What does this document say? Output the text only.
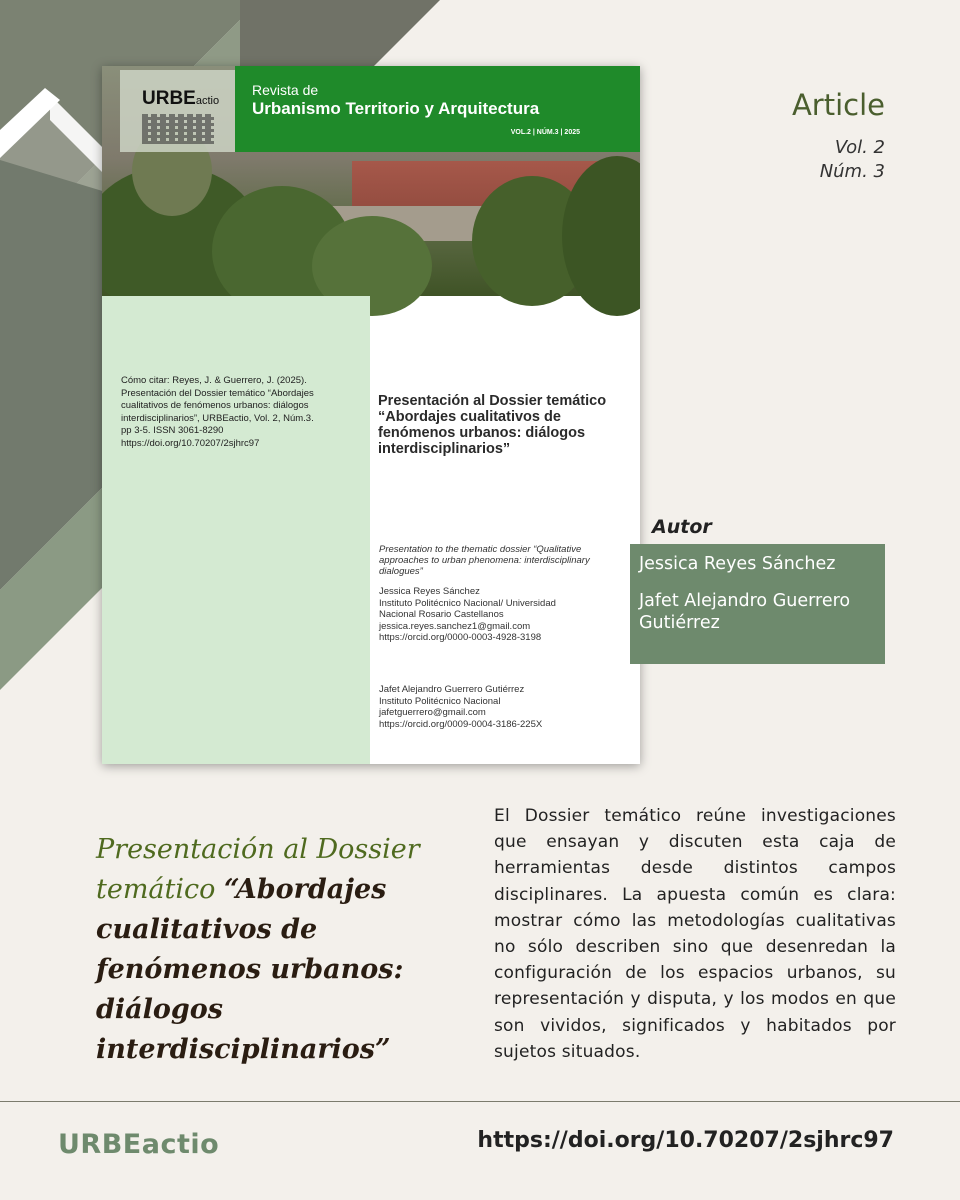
URBEactio
Revista de
Urbanismo Territorio y Arquitectura
VOL.2 | NÚM.3 | 2025
Cómo citar: Reyes, J. & Guerrero, J. (2025).
Presentación del Dossier temático “Abordajes
cualitativos de fenómenos urbanos: diálogos
interdisciplinarios”, URBEactio, Vol. 2, Núm.3.
pp 3-5. ISSN 3061-8290
https://doi.org/10.70207/2sjhrc97
Presentación al Dossier temático “Abordajes cualitativos de fenómenos urbanos: diálogos interdisciplinarios”
Presentation to the thematic dossier “Qualitative approaches to urban phenomena: interdisciplinary dialogues”
Jessica Reyes Sánchez
Instituto Politécnico Nacional/ Universidad
Nacional Rosario Castellanos
jessica.reyes.sanchez1@gmail.com
https://orcid.org/0000-0003-4928-3198
Jafet Alejandro Guerrero Gutiérrez
Instituto Politécnico Nacional
jafetguerrero@gmail.com
https://orcid.org/0009-0004-3186-225X
Article
Vol. 2
Núm. 3
Autor
Jessica Reyes Sánchez
Jafet Alejandro Guerrero Gutiérrez
Presentación al Dossier temático “Abordajes cualitativos de fenómenos urbanos: diálogos interdisciplinarios”
El Dossier temático reúne investigaciones que ensayan y discuten esta caja de herramientas desde distintos campos disciplinares. La apuesta común es clara: mostrar cómo las metodologías cualitativas no sólo describen sino que desenredan la configuración de los espacios urbanos, su representación y disputa, y los modos en que son vividos, significados y habitados por sujetos situados.
URBEactio	https://doi.org/10.70207/2sjhrc97
